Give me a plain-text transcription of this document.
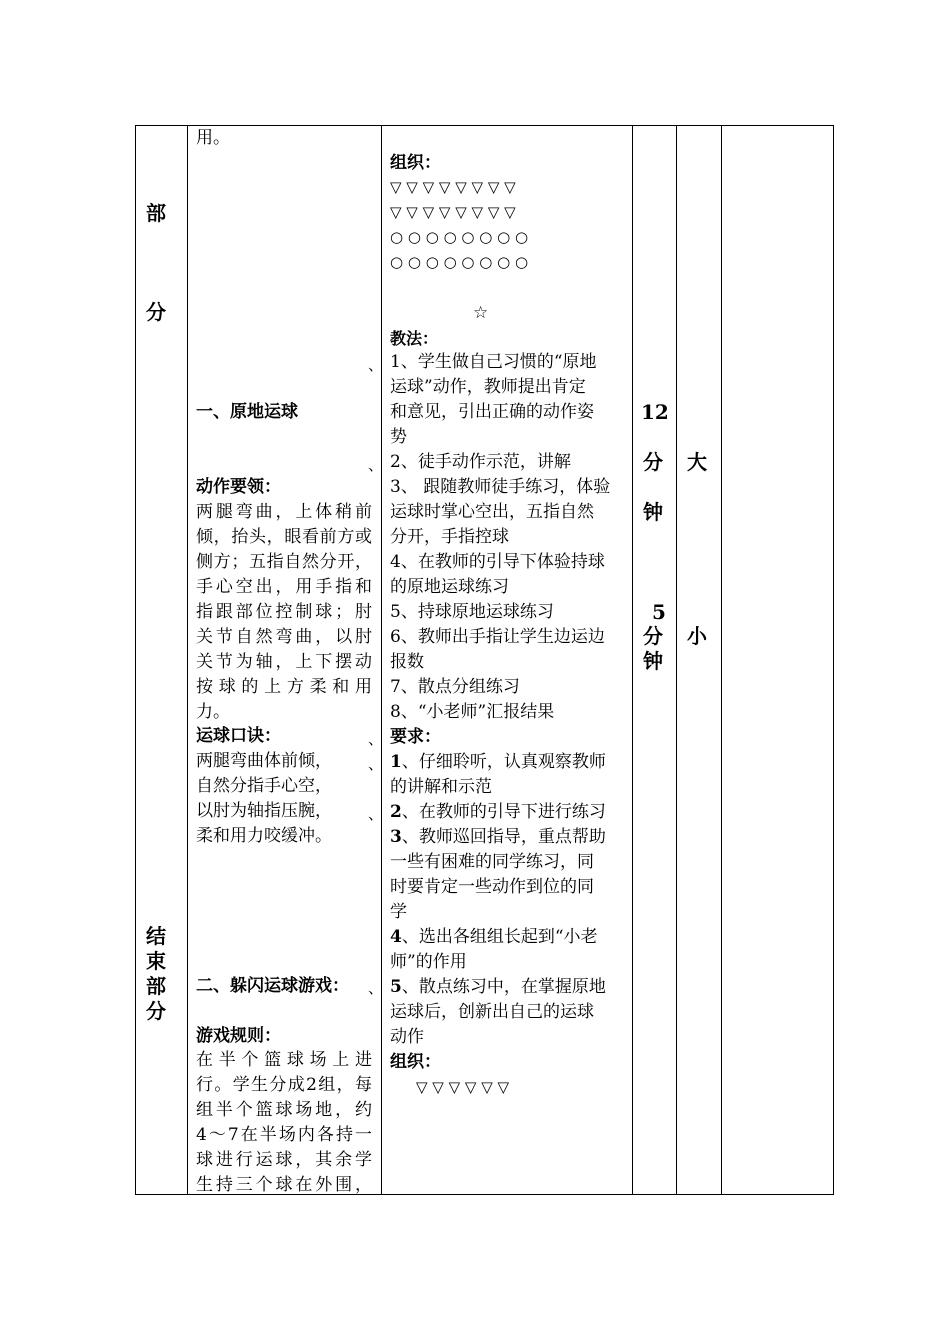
部
分
结
束
部
分
用。
、
一、原地运球
、
动作要领：
两腿弯曲，上体稍前
倾，抬头，眼看前方或
侧方；五指自然分开，
手心空出，用手指和
指跟部位控制球；肘
关节自然弯曲，以肘
关节为轴，上下摆动
按球的上方柔和用
力。
运球口诀：	、
两腿弯曲体前倾， 、
自然分指手心空，
以肘为轴指压腕， 、
柔和用力咬缓冲。
二、躲闪运球游戏： 、
游戏规则：
在半个篮球场上进
行。学生分成2组，每
组半个篮球场地，约
4～7在半场内各持一
球进行运球，其余学
生持三个球在外围，
组织：
▽ ▽ ▽ ▽ ▽ ▽ ▽ ▽
▽ ▽ ▽ ▽ ▽ ▽ ▽ ▽
○ ○ ○ ○ ○ ○ ○ ○
○ ○ ○ ○ ○ ○ ○ ○
☆
教法：
1、学生做自己习惯的“原地
运球”动作，教师提出肯定
和意见，引出正确的动作姿
势
2、徒手动作示范，讲解
3、 跟随教师徒手练习，体验
运球时掌心空出，五指自然
分开，手指控球
4、在教师的引导下体验持球
的原地运球练习
5、持球原地运球练习
6、教师出手指让学生边运边
报数
7、散点分组练习
8、“小老师”汇报结果
要求：
1、仔细聆听，认真观察教师
的讲解和示范
2、在教师的引导下进行练习
3、教师巡回指导，重点帮助
一些有困难的同学练习，同
时要肯定一些动作到位的同
学
4、选出各组组长起到“小老
师”的作用
5、散点练习中，在掌握原地
运球后，创新出自己的运球
动作
组织：
▽ ▽ ▽ ▽ ▽ ▽
12
分
钟
5
分
钟
大
小
